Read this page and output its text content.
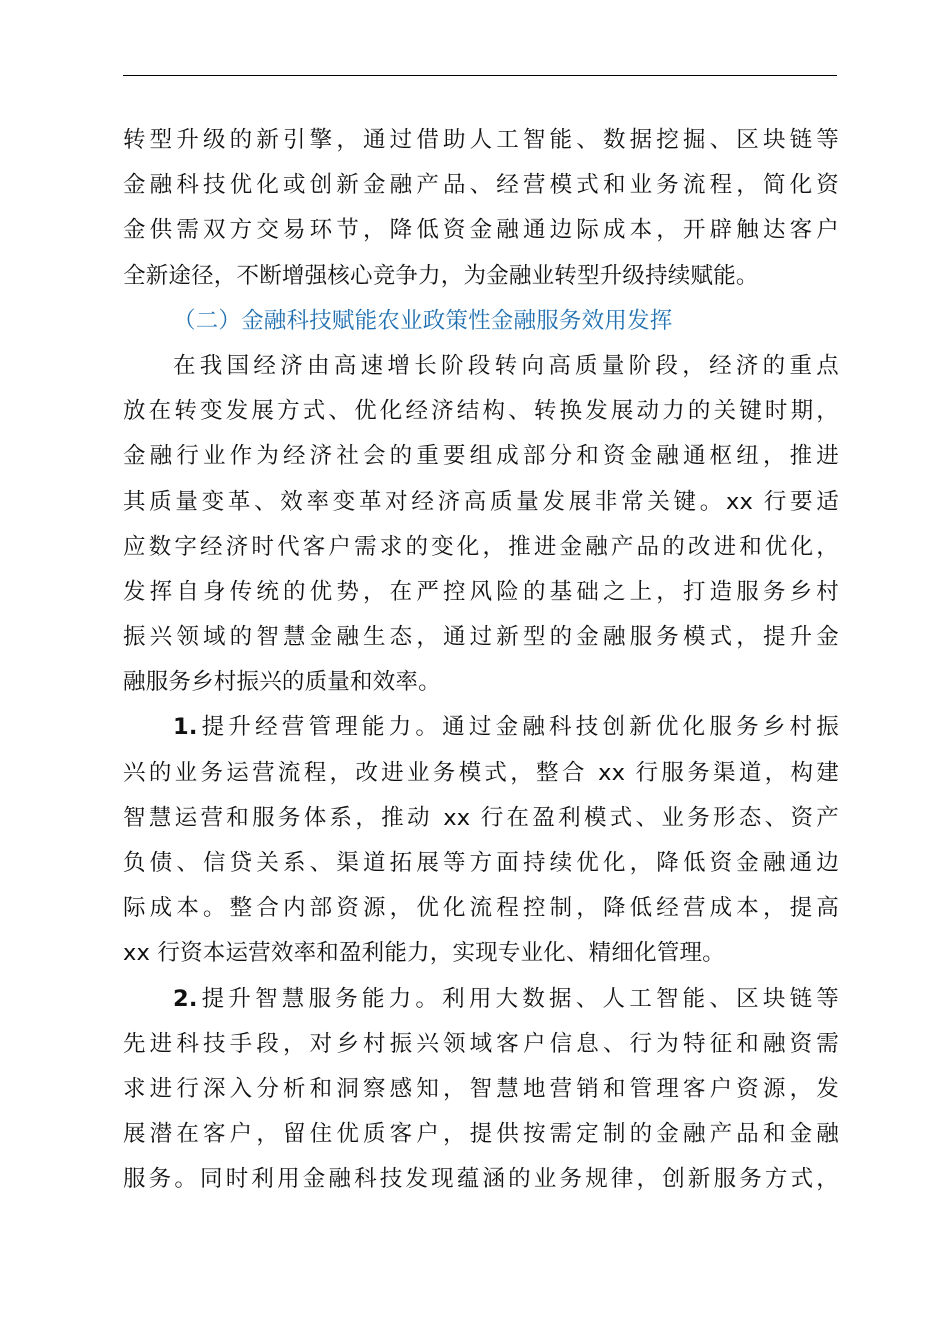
转型升级的新引擎，通过借助人工智能、数据挖掘、区块链等
金融科技优化或创新金融产品、经营模式和业务流程，简化资
金供需双方交易环节，降低资金融通边际成本，开辟触达客户
全新途径，不断增强核心竞争力，为金融业转型升级持续赋能。
（二）金融科技赋能农业政策性金融服务效用发挥
在我国经济由高速增长阶段转向高质量阶段，经济的重点
放在转变发展方式、优化经济结构、转换发展动力的关键时期，
金融行业作为经济社会的重要组成部分和资金融通枢纽，推进
其质量变革、效率变革对经济高质量发展非常关键。xx 行要适
应数字经济时代客户需求的变化，推进金融产品的改进和优化，
发挥自身传统的优势，在严控风险的基础之上，打造服务乡村
振兴领域的智慧金融生态，通过新型的金融服务模式，提升金
融服务乡村振兴的质量和效率。
1.提升经营管理能力。通过金融科技创新优化服务乡村振
兴的业务运营流程，改进业务模式，整合 xx 行服务渠道，构建
智慧运营和服务体系，推动 xx 行在盈利模式、业务形态、资产
负债、信贷关系、渠道拓展等方面持续优化，降低资金融通边
际成本。整合内部资源，优化流程控制，降低经营成本，提高
xx 行资本运营效率和盈利能力，实现专业化、精细化管理。
2.提升智慧服务能力。利用大数据、人工智能、区块链等
先进科技手段，对乡村振兴领域客户信息、行为特征和融资需
求进行深入分析和洞察感知，智慧地营销和管理客户资源，发
展潜在客户，留住优质客户，提供按需定制的金融产品和金融
服务。同时利用金融科技发现蕴涵的业务规律，创新服务方式，
